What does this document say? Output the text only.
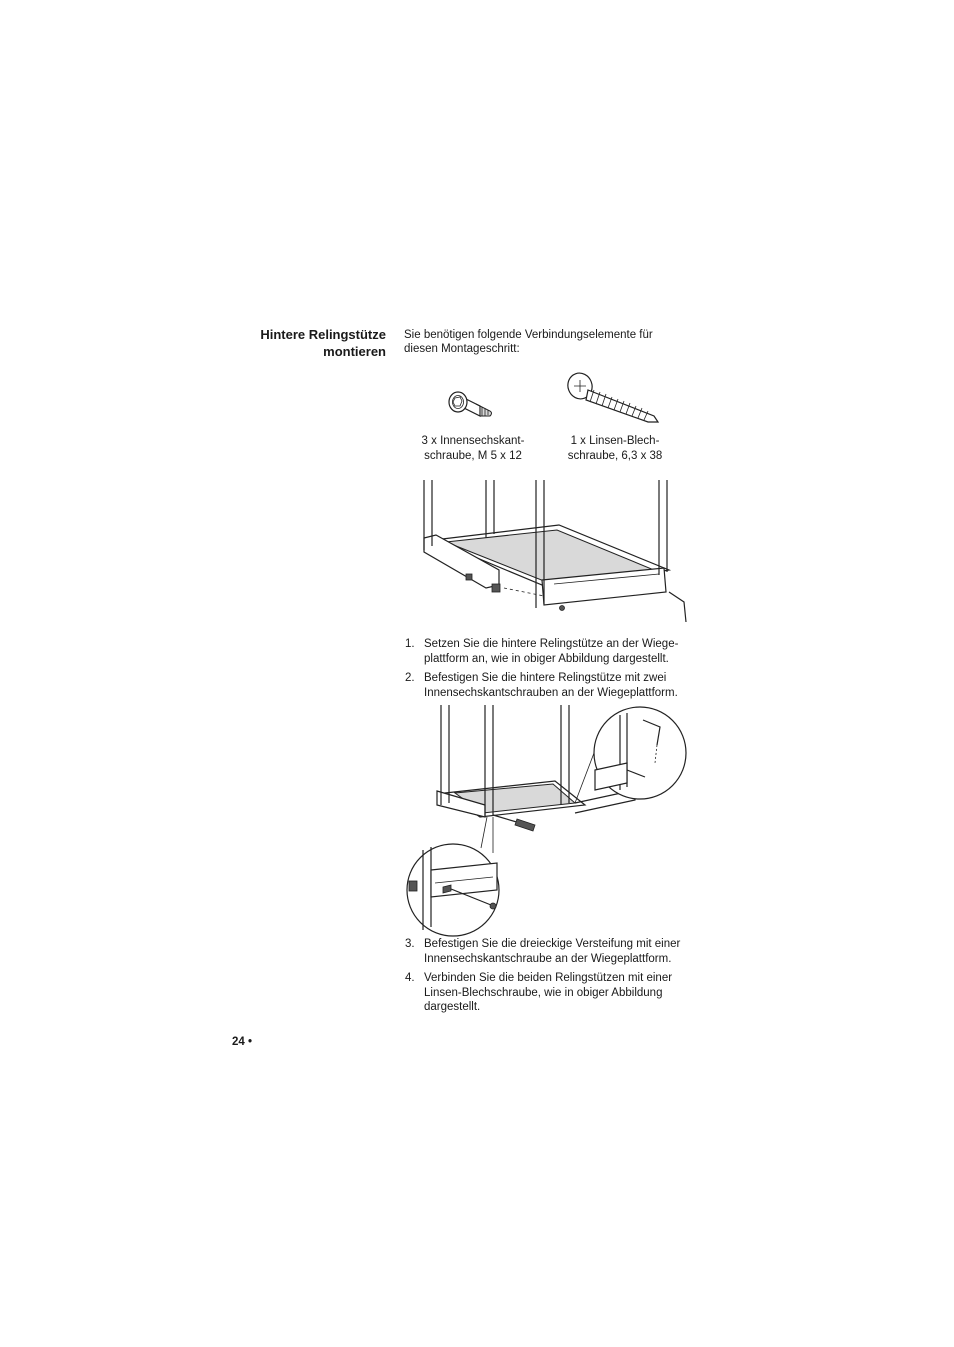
Hintere Relingstütze
montieren
Sie benötigen folgende Verbindungselemente für
diesen Montageschritt:
3 x Innensechskant-
schraube, M 5 x 12
1 x Linsen-Blech-
schraube, 6,3 x 38
1. Setzen Sie die hintere Relingstütze an der Wiege-
plattform an, wie in obiger Abbildung dargestellt.
2. Befestigen Sie die hintere Relingstütze mit zwei
Innensechskantschrauben an der Wiegeplattform.
3. Befestigen Sie die dreieckige Versteifung mit einer
Innensechskantschraube an der Wiegeplattform.
4. Verbinden Sie die beiden Relingstützen mit einer
Linsen-Blechschraube, wie in obiger Abbildung
dargestellt.
24 •
